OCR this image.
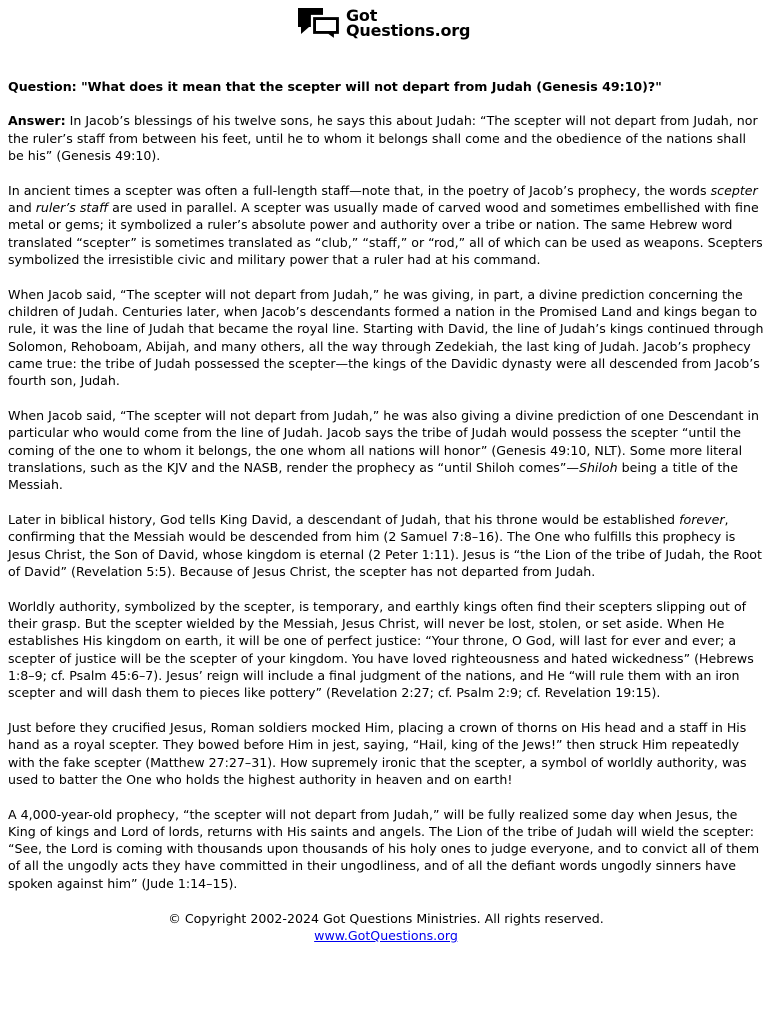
Got
Questions.org

Question: "What does it mean that the scepter will not depart from Judah (Genesis 49:10)?"

Answer: In Jacob’s blessings of his twelve sons, he says this about Judah: “The scepter will not depart from Judah, nor the ruler’s staff from between his feet, until he to whom it belongs shall come and the obedience of the nations shall be his” (Genesis 49:10).

In ancient times a scepter was often a full-length staff—note that, in the poetry of Jacob’s prophecy, the words scepter and ruler’s staff are used in parallel. A scepter was usually made of carved wood and sometimes embellished with fine metal or gems; it symbolized a ruler’s absolute power and authority over a tribe or nation. The same Hebrew word translated “scepter” is sometimes translated as “club,” “staff,” or “rod,” all of which can be used as weapons. Scepters symbolized the irresistible civic and military power that a ruler had at his command.

When Jacob said, “The scepter will not depart from Judah,” he was giving, in part, a divine prediction concerning the children of Judah. Centuries later, when Jacob’s descendants formed a nation in the Promised Land and kings began to rule, it was the line of Judah that became the royal line. Starting with David, the line of Judah’s kings continued through Solomon, Rehoboam, Abijah, and many others, all the way through Zedekiah, the last king of Judah. Jacob’s prophecy came true: the tribe of Judah possessed the scepter—the kings of the Davidic dynasty were all descended from Jacob’s fourth son, Judah.

When Jacob said, “The scepter will not depart from Judah,” he was also giving a divine prediction of one Descendant in particular who would come from the line of Judah. Jacob says the tribe of Judah would possess the scepter “until the coming of the one to whom it belongs, the one whom all nations will honor” (Genesis 49:10, NLT). Some more literal translations, such as the KJV and the NASB, render the prophecy as “until Shiloh comes”—Shiloh being a title of the Messiah.

Later in biblical history, God tells King David, a descendant of Judah, that his throne would be established forever, confirming that the Messiah would be descended from him (2 Samuel 7:8–16). The One who fulfills this prophecy is Jesus Christ, the Son of David, whose kingdom is eternal (2 Peter 1:11). Jesus is “the Lion of the tribe of Judah, the Root of David” (Revelation 5:5). Because of Jesus Christ, the scepter has not departed from Judah.

Worldly authority, symbolized by the scepter, is temporary, and earthly kings often find their scepters slipping out of their grasp. But the scepter wielded by the Messiah, Jesus Christ, will never be lost, stolen, or set aside. When He establishes His kingdom on earth, it will be one of perfect justice: “Your throne, O God, will last for ever and ever; a scepter of justice will be the scepter of your kingdom. You have loved righteousness and hated wickedness” (Hebrews 1:8–9; cf. Psalm 45:6–7). Jesus’ reign will include a final judgment of the nations, and He “will rule them with an iron scepter and will dash them to pieces like pottery” (Revelation 2:27; cf. Psalm 2:9; cf. Revelation 19:15).

Just before they crucified Jesus, Roman soldiers mocked Him, placing a crown of thorns on His head and a staff in His hand as a royal scepter. They bowed before Him in jest, saying, “Hail, king of the Jews!” then struck Him repeatedly with the fake scepter (Matthew 27:27–31). How supremely ironic that the scepter, a symbol of worldly authority, was used to batter the One who holds the highest authority in heaven and on earth!

A 4,000-year-old prophecy, “the scepter will not depart from Judah,” will be fully realized some day when Jesus, the King of kings and Lord of lords, returns with His saints and angels. The Lion of the tribe of Judah will wield the scepter: “See, the Lord is coming with thousands upon thousands of his holy ones to judge everyone, and to convict all of them of all the ungodly acts they have committed in their ungodliness, and of all the defiant words ungodly sinners have spoken against him” (Jude 1:14–15).

© Copyright 2002-2024 Got Questions Ministries. All rights reserved.
www.GotQuestions.org
